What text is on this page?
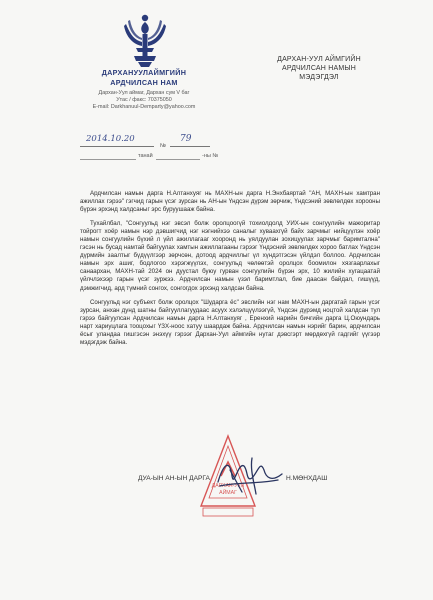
ДАРХАНУУЛАЙМГИЙН
АРДЧИЛСАН НАМ
Дархан-Уул аймаг, Дархан сум V баг
Утас / факс: 70375050
E-mail: Darkhanuul-Demparty@yahoo.com
ДАРХАН-УУЛ АЙМГИЙН
АРДЧИЛСАН НАМЫН
МЭДЭГДЭЛ
2014.10.20
№
79
танай	-ны №

Ардчилсан намын дарга Н.Алтанхуяг нь МАХН-ын дарга Н.Энхбаяртай "АН, МАХН-ын хамтран ажиллах гэрээ" гэгчид гарын үсэг зурсан нь АН-ын Үндсэн дүрэм зөрчиж, Үндсэний зөвлөлдөх хорооны бүрэн эрхэнд халдсаныг эрс буруушааж байна.

Тухайлбал, "Сонгуульд нэг эвсэл болж оролцоогүй тохиолдолд УИХ-ын сонгуулийн мажоритар тойрогт хоёр намын нэр дэвшигчид нэг нэгнийхээ саналыг хуваахгүй байх зарчмыг нийцүүлэн хоёр намын сонгуулийн бүхий л үйл ажиллагааг хооронд нь уялдуулан зохицуулах зарчмыг баримтална" гэсэн нь бусад намтай байгуулах хамтын ажиллагааны гэрээг Үндэсний зөвлөлдөх хороо батлах Үндсэн дүрмийн заалтыг бүдүүлгээр зөрчсөн, дотоод ардчиллыг үл хүндэтгэсэн үйлдэл боллоо. Ардчилсан намын эрх ашиг, бодлогоо хэрэгжүүлэх, сонгуульд чөлөөтэй оролцох боомилон хязгаарлахыг санаархан, МАХН-тай 2024 он дуустал буюу гурван сонгуулийн бүрэн эрх, 10 жилийн хугацаатай үйлчлэхээр гарын үсэг зуржээ. Ардчилсан намын үзэл баримтлал, бие даасан байдал, гишүүд, дэмжигчид, ард түмний сонгох, сонгогдох эрхэнд халдсан байна.

Сонгуульд нэг субъект болж оролцох "Шударга ёс" эвслийн нэг нам МАХН-ын даргатай гарын үсэг зурсан, анхан дунд шатны байгууллагуудаас асуух хэлэлцүүлээгүй, Үндсэн дүрэмд ноцтой халдсан тул гэрээ байгуулсан Ардчилсан намын дарга Н.Алтанхуяг , Еренхий нарийн бичгийн дарга Ц.Оюундарь нарт хариуцлага тооцохыг ҮЗХ-ноос хатуу шаардаж байна. Ардчилсан намын нэрийг барин, ардчилсан ёсыг уландаа гишгэсэн энэхүү гэрээг Дархан-Уул аймгийн нутаг дэвсгэрт мөрдөхгүй гадгийг үүгээр мэдэгдэж байна.

ДАРХАН-УУЛ
АЙМАГ
ДУА-ЫН АН-ЫН ДАРГА	Н.МӨНХДАШ
